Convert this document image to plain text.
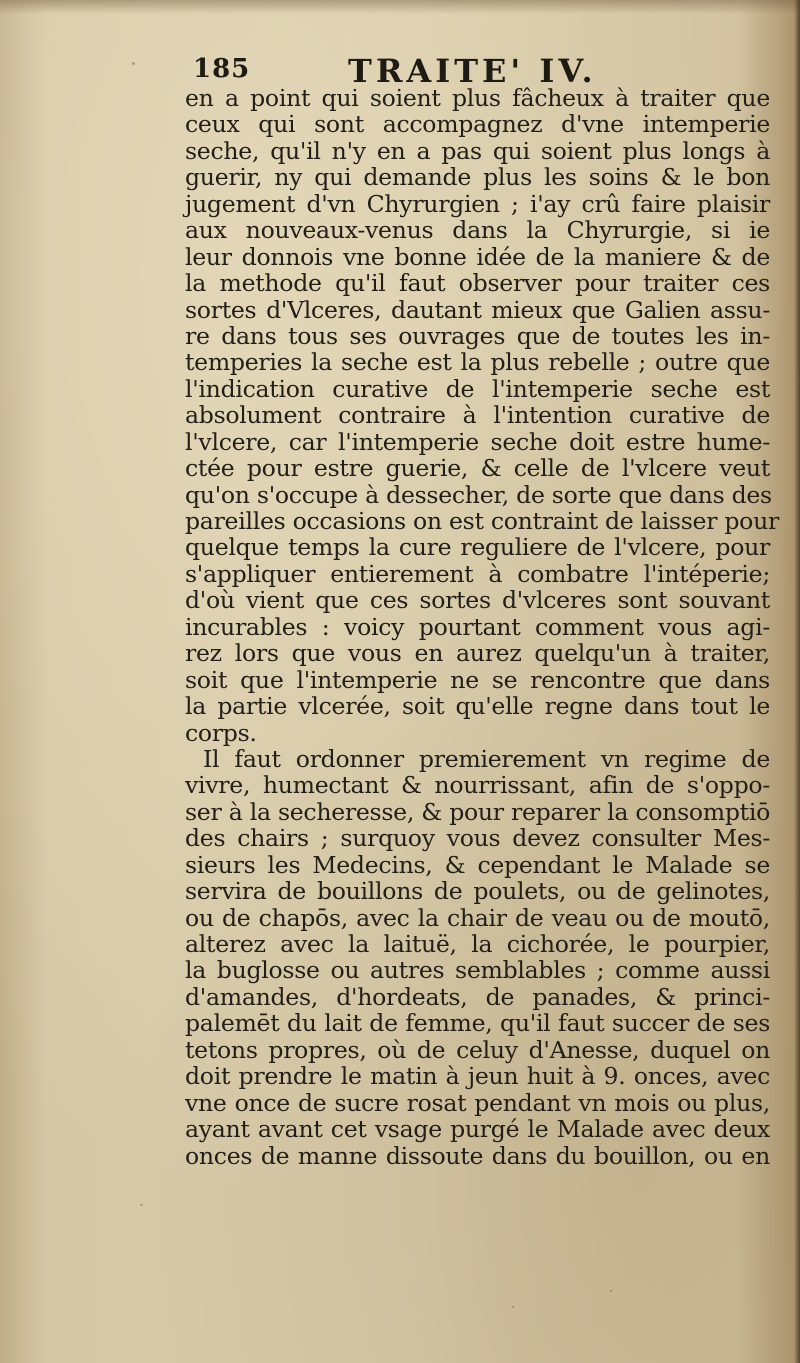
185	TRAITE' IV.
en a point qui soient plus fâcheux à traiter que
ceux qui sont accompagnez d'vne intemperie
seche, qu'il n'y en a pas qui soient plus longs à
guerir, ny qui demande plus les soins & le bon
jugement d'vn Chyrurgien ; i'ay crû faire plaisir
aux nouveaux-venus dans la Chyrurgie, si ie
leur donnois vne bonne idée de la maniere & de
la methode qu'il faut observer pour traiter ces
sortes d'Vlceres, dautant mieux que Galien assu-
re dans tous ses ouvrages que de toutes les in-
temperies la seche est la plus rebelle ; outre que
l'indication curative de l'intemperie seche est
absolument contraire à l'intention curative de
l'vlcere, car l'intemperie seche doit estre hume-
ctée pour estre guerie, & celle de l'vlcere veut
qu'on s'occupe à dessecher, de sorte que dans des
pareilles occasions on est contraint de laisser pour
quelque temps la cure reguliere de l'vlcere, pour
s'appliquer entierement à combatre l'intéperie;
d'où vient que ces sortes d'vlceres sont souvant
incurables : voicy pourtant comment vous agi-
rez lors que vous en aurez quelqu'un à traiter,
soit que l'intemperie ne se rencontre que dans
la partie vlcerée, soit qu'elle regne dans tout le
corps.
Il faut ordonner premierement vn regime de
vivre, humectant & nourrissant, afin de s'oppo-
ser à la secheresse, & pour reparer la consomptiō
des chairs ; surquoy vous devez consulter Mes-
sieurs les Medecins, & cependant le Malade se
servira de bouillons de poulets, ou de gelinotes,
ou de chapōs, avec la chair de veau ou de moutō,
alterez avec la laituë, la cichorée, le pourpier,
la buglosse ou autres semblables ; comme aussi
d'amandes, d'hordeats, de panades, & princi-
palemēt du lait de femme, qu'il faut succer de ses
tetons propres, où de celuy d'Anesse, duquel on
doit prendre le matin à jeun huit à 9. onces, avec
vne once de sucre rosat pendant vn mois ou plus,
ayant avant cet vsage purgé le Malade avec deux
onces de manne dissoute dans du bouillon, ou en
